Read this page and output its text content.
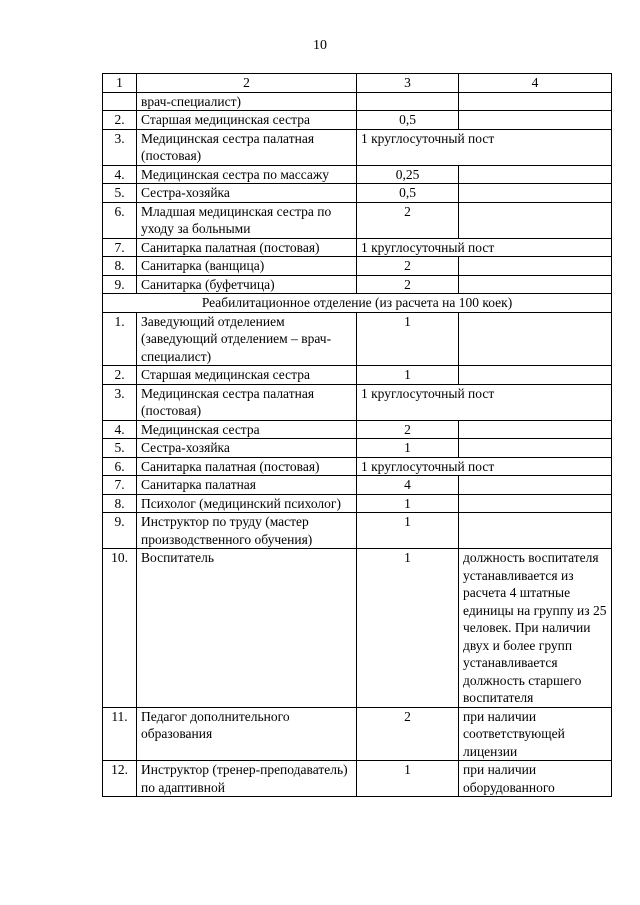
10
1	2	3	4
	врач-специалист)		
2.	Старшая медицинская сестра	0,5	
3.	Медицинская сестра палатная (постовая)	1 круглосуточный пост	
4.	Медицинская сестра по массажу	0,25	
5.	Сестра-хозяйка	0,5	
6.	Младшая медицинская сестра по уходу за больными	2	
7.	Санитарка палатная (постовая)	1 круглосуточный пост	
8.	Санитарка (ванщица)	2	
9.	Санитарка (буфетчица)	2	
Реабилитационное отделение (из расчета на 100 коек)			
1.	Заведующий отделением (заведующий отделением – врач-специалист)	1	
2.	Старшая медицинская сестра	1	
3.	Медицинская сестра палатная (постовая)	1 круглосуточный пост	
4.	Медицинская сестра	2	
5.	Сестра-хозяйка	1	
6.	Санитарка палатная (постовая)	1 круглосуточный пост	
7.	Санитарка палатная	4	
8.	Психолог (медицинский психолог)	1	
9.	Инструктор по труду (мастер производственного обучения)	1	
10.	Воспитатель	1	должность воспитателя устанавливается из расчета 4 штатные единицы на группу из 25 человек. При наличии двух и более групп устанавливается должность старшего воспитателя
11.	Педагог дополнительного образования	2	при наличии соответствующей лицензии
12.	Инструктор (тренер-преподаватель) по адаптивной	1	при наличии оборудованного
